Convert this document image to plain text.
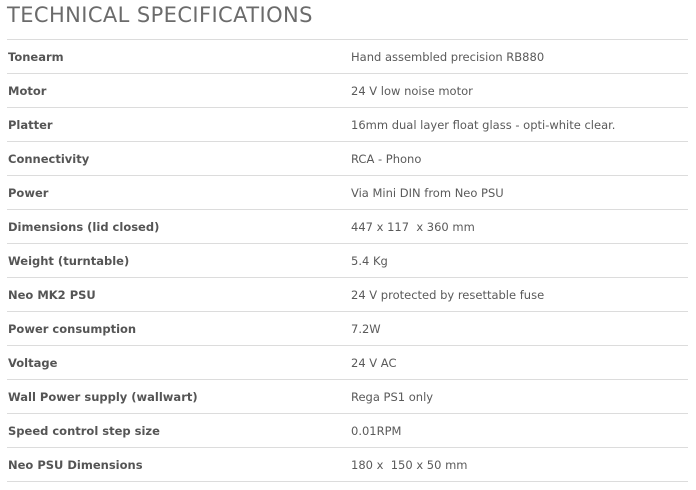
TECHNICAL SPECIFICATIONS
Tonearm	Hand assembled precision RB880
Motor	24 V low noise motor
Platter	16mm dual layer float glass - opti-white clear.
Connectivity	RCA - Phono
Power	Via Mini DIN from Neo PSU
Dimensions (lid closed)	447 x 117  x 360 mm
Weight (turntable)	5.4 Kg
Neo MK2 PSU	24 V protected by resettable fuse
Power consumption	7.2W
Voltage	24 V AC
Wall Power supply (wallwart)	Rega PS1 only
Speed control step size	0.01RPM
Neo PSU Dimensions	180 x  150 x 50 mm
